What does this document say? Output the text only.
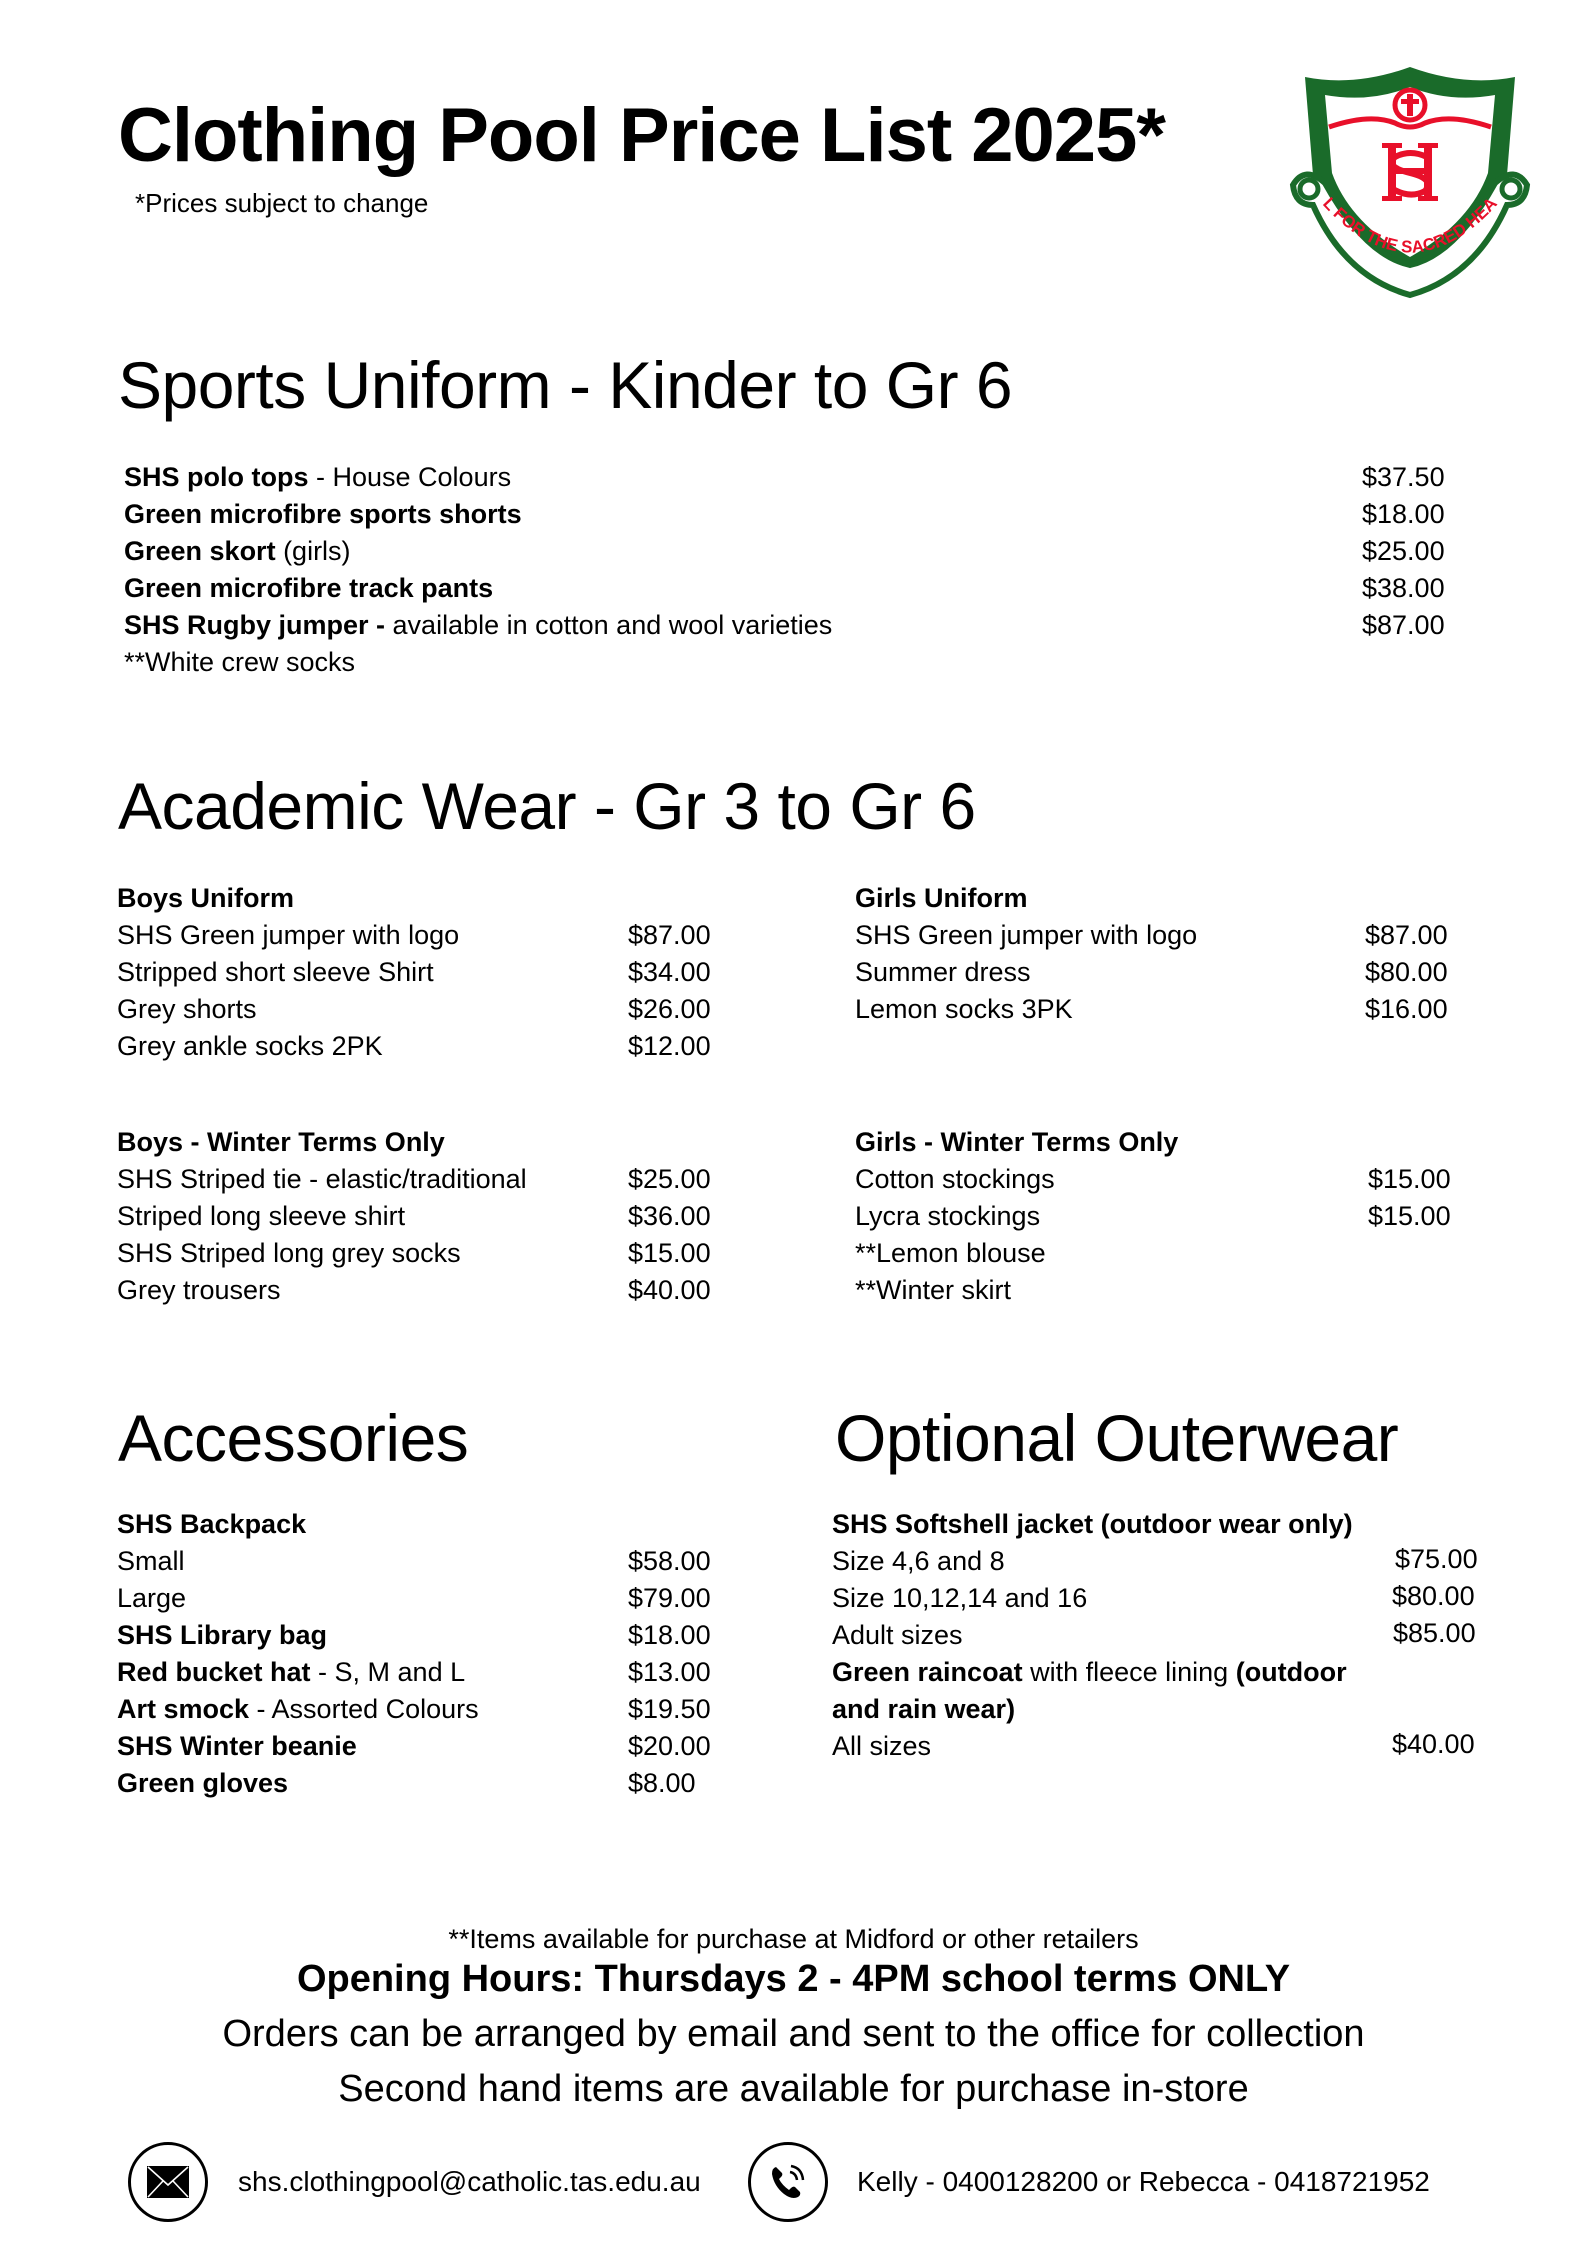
Clothing Pool Price List 2025*
*Prices subject to change	L FOR THE SACRED HEA
Sports Uniform - Kinder to Gr 6
SHS polo tops - House Colours	$37.50
Green microfibre sports shorts	$18.00
Green skort (girls)	$25.00
Green microfibre track pants	$38.00
SHS Rugby jumper - available in cotton and wool varieties	$87.00
**White crew socks
Academic Wear - Gr 3 to Gr 6
Boys Uniform
SHS Green jumper with logo	$87.00
Stripped short sleeve Shirt	$34.00
Grey shorts	$26.00
Grey ankle socks 2PK	$12.00
Girls Uniform
SHS Green jumper with logo	$87.00
Summer dress	$80.00
Lemon socks 3PK	$16.00
Boys - Winter Terms Only
SHS Striped tie - elastic/traditional	$25.00
Striped long sleeve shirt	$36.00
SHS Striped long grey socks	$15.00
Grey trousers	$40.00
Girls - Winter Terms Only
Cotton stockings	$15.00
Lycra stockings	$15.00
**Lemon blouse
**Winter skirt
Accessories
SHS Backpack
Small	$58.00
Large	$79.00
SHS Library bag	$18.00
Red bucket hat - S, M and L	$13.00
Art smock - Assorted Colours	$19.50
SHS Winter beanie	$20.00
Green gloves	$8.00
Optional Outerwear
SHS Softshell jacket (outdoor wear only)
Size 4,6 and 8	$75.00
Size 10,12,14 and 16	$80.00
Adult sizes	$85.00
Green raincoat with fleece lining (outdoor
and rain wear)
All sizes	$40.00
**Items available for purchase at Midford or other retailers
Opening Hours: Thursdays 2 - 4PM school terms ONLY
Orders can be arranged by email and sent to the office for collection
Second hand items are available for purchase in-store
shs.clothingpool@catholic.tas.edu.au	Kelly - 0400128200 or Rebecca - 0418721952
